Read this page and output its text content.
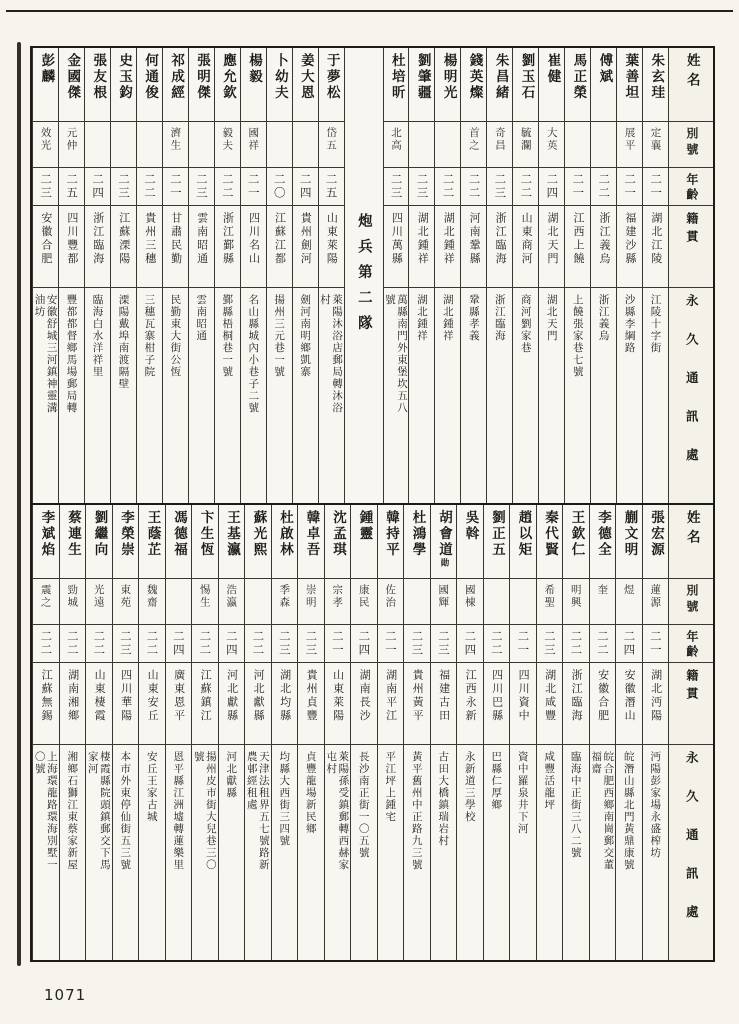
姓名
別號
年齡
籍貫
永久通訊處
朱玄珪
定襄
二一
湖北江陵
江陵十字街
葉善坦
展平
二一
福建沙縣
沙縣李綱路
傅斌
二二
浙江義烏
浙江義烏
馬正榮
二一
江西上饒
上饒張家巷七號
崔健
大英
二四
湖北天門
湖北天門
劉玉石
毓瀾
二二
山東商河
商河劉家巷
朱昌緒
奇昌
二三
浙江臨海
浙江臨海
錢英燦
首之
二二
河南鞏縣
鞏縣孝義
楊明光
二二
湖北鍾祥
湖北鍾祥
劉肇疆
二三
湖北鍾祥
湖北鍾祥
杜培昕
北高
二三
四川萬縣
萬縣南門外東堡坎五八號
炮兵第二隊
于夢松
岱五
二五
山東萊陽
萊陽沐浴店郵局轉沐浴村
姜大恩
二四
貴州劍河
劍河南明鄉凱寨
卜幼夫
二〇
江蘇江都
揚州三元巷一號
楊毅
國祥
二一
四川名山
名山縣城內小巷子二號
應允欽
毅夫
二二
浙江鄞縣
鄞縣梧桐巷一號
張明傑
二三
雲南昭通
雲南昭通
祁成經
濟生
二一
甘肅民勤
民勤東大街公恆
何通俊
二二
貴州三穗
三穗瓦寨柑子院
史玉鈞
二三
江蘇溧陽
溧陽戴埠南渡隔壁
張友根
二四
浙江臨海
臨海白水洋祥里
金國傑
元仲
二五
四川豐都
豐都都督鄉馬場郵局轉
彭麟
效光
二三
安徽合肥
安徽舒城三河鎮神靈溝油坊
姓名
別號
年齡
籍貫
永久通訊處
張宏源
蓮源
二一
湖北沔陽
沔陽彭家場永盛榨坊
蒯文明
煜
二四
安徽潛山
皖潛山縣北門黃鼎康號
李德全
奎
二二
安徽合肥
皖合肥西鄉南崗郵交董福齋
王欽仁
明興
二二
浙江臨海
臨海中正街三八二號
秦代賢
希聖
二三
湖北咸豐
咸豐活龍坪
趙以矩
二一
四川資中
資中羅泉井下河
劉正五
二二
四川巴縣
巴縣仁厚鄉
吳斡
國棟
二四
江西永新
永新道三學校
胡會道勛
國輝
二三
福建古田
古田大橋鎮瑞岩村
杜鴻學
二三
貴州黃平
黃平舊州中正路九三號
韓持平
佐治
二一
湖南平江
平江坪上鍾宅
鍾靈
康民
二四
湖南長沙
長沙南正街一〇五號
沈孟琪
宗孝
二一
山東萊陽
萊陽孫受鎮郵轉西赫家屯村
韓卓吾
崇明
二三
貴州貞豐
貞豐龍場新民鄉
杜啟林
季森
二三
湖北均縣
均縣大西街三四號
蘇光熙
二二
河北獻縣
天津法租界五七號路新農邨經租處
王基瀛
浩瀛
二四
河北獻縣
河北獻縣
卞生恆
惕生
二二
江蘇鎮江
揚州皮市街大兒巷三〇號
馮德福
二四
廣東恩平
恩平縣江洲墟轉蓮樂里
王蔭芷
魏齋
二二
山東安丘
安丘王家古城
李榮崇
東苑
二三
四川華陽
本市外東停仙街五三號
劉繼向
光遠
二二
山東棲霞
棲霞縣院頭鎮郵交下馬家河
蔡連生
勁城
二二
湖南湘鄉
湘鄉石獅江東蔡家新屋
李斌焰
震之
二二
江蘇無錫
上海環龍路環海別墅一〇號
1071
